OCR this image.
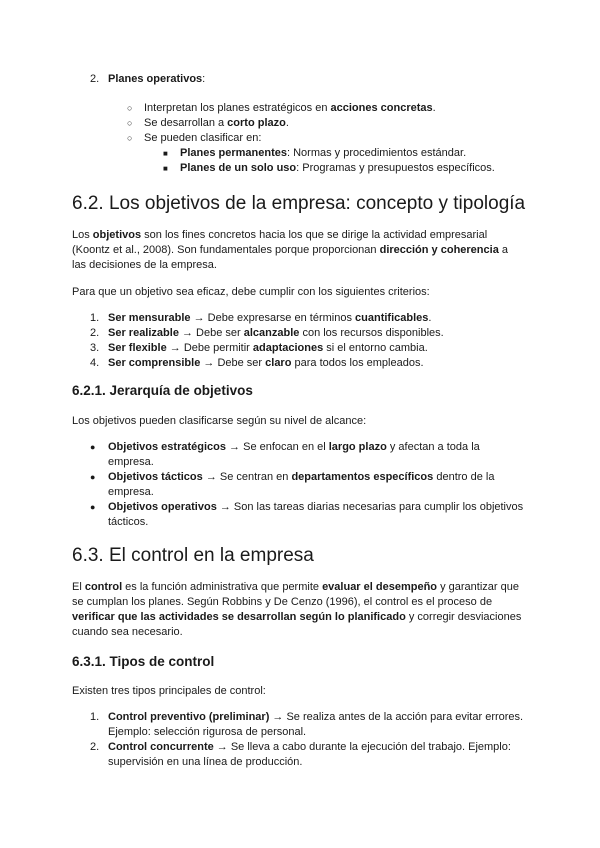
2. Planes operativos:
○ Interpretan los planes estratégicos en acciones concretas.
○ Se desarrollan a corto plazo.
○ Se pueden clasificar en:
■ Planes permanentes: Normas y procedimientos estándar.
■ Planes de un solo uso: Programas y presupuestos específicos.
6.2. Los objetivos de la empresa: concepto y tipología
Los objetivos son los fines concretos hacia los que se dirige la actividad empresarial
(Koontz et al., 2008). Son fundamentales porque proporcionan dirección y coherencia a
las decisiones de la empresa.
Para que un objetivo sea eficaz, debe cumplir con los siguientes criterios:
1. Ser mensurable → Debe expresarse en términos cuantificables.
2. Ser realizable → Debe ser alcanzable con los recursos disponibles.
3. Ser flexible → Debe permitir adaptaciones si el entorno cambia.
4. Ser comprensible → Debe ser claro para todos los empleados.
6.2.1. Jerarquía de objetivos
Los objetivos pueden clasificarse según su nivel de alcance:
● Objetivos estratégicos → Se enfocan en el largo plazo y afectan a toda la
empresa.
● Objetivos tácticos → Se centran en departamentos específicos dentro de la
empresa.
● Objetivos operativos → Son las tareas diarias necesarias para cumplir los objetivos
tácticos.
6.3. El control en la empresa
El control es la función administrativa que permite evaluar el desempeño y garantizar que
se cumplan los planes. Según Robbins y De Cenzo (1996), el control es el proceso de
verificar que las actividades se desarrollan según lo planificado y corregir desviaciones
cuando sea necesario.
6.3.1. Tipos de control
Existen tres tipos principales de control:
1. Control preventivo (preliminar) → Se realiza antes de la acción para evitar errores.
Ejemplo: selección rigurosa de personal.
2. Control concurrente → Se lleva a cabo durante la ejecución del trabajo. Ejemplo:
supervisión en una línea de producción.
